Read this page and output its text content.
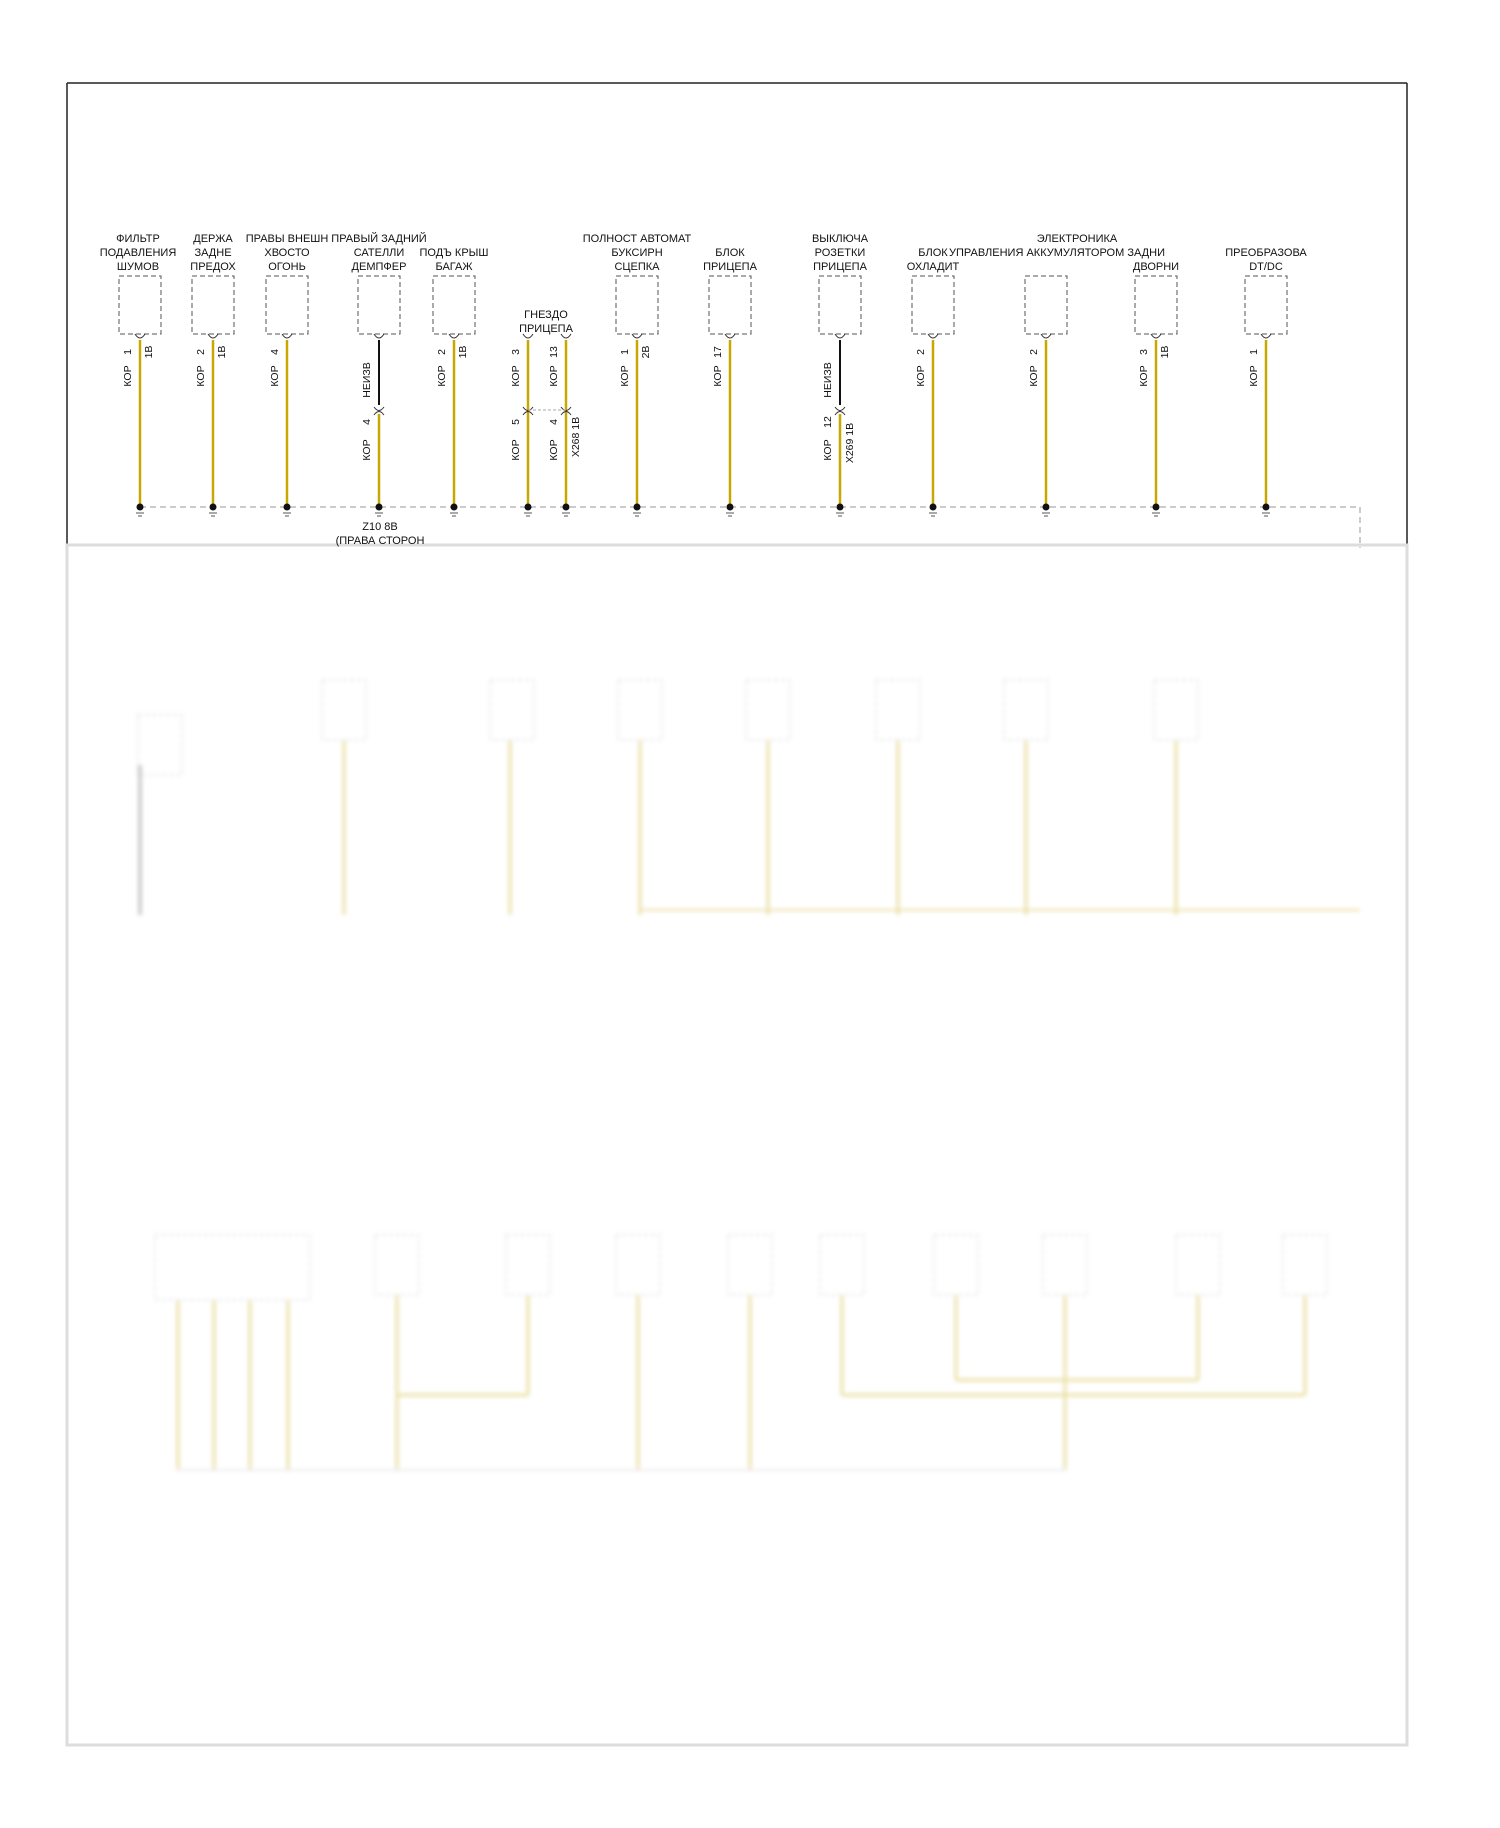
ФИЛЬТР
ПОДАВЛЕНИЯ
ШУМОВ
ДЕРЖА
ЗАДНЕ
ПРЕДОХ
ПРАВЫ ВНЕШН
ХВОСТО
ОГОНЬ
ПРАВЫЙ ЗАДНИЙ
САТЕЛЛИ
ДЕМПФЕР
ПОДЪ КРЫШ
БАГАЖ
ГНЕЗДО
ПРИЦЕПА
ПОЛНОСТ АВТОМАТ
БУКСИРН
СЦЕПКА
БЛОК
ПРИЦЕПА
ВЫКЛЮЧА
РОЗЕТКИ
ПРИЦЕПА
БЛОК
ОХЛАДИТ
ЭЛЕКТРОНИКА
УПРАВЛЕНИЯ АККУМУЛЯТОРОМ ЗАДНИ
ДВОРНИ
ПРЕОБРАЗОВА
DT/DC
1
КОР
1B	2
КОР
1B	4
КОР	НЕИЗВ
4
КОР
2
КОР
1B	1
КОР
2B	17
КОР	НЕИЗВ
12
КОР X269 1B
2
КОР
2
КОР
3
КОР
1B	1
КОР
3
КОР
5
КОР
13
КОР
4
КОР X268 1B
Z10 8B
(ПРАВА СТОРОН
